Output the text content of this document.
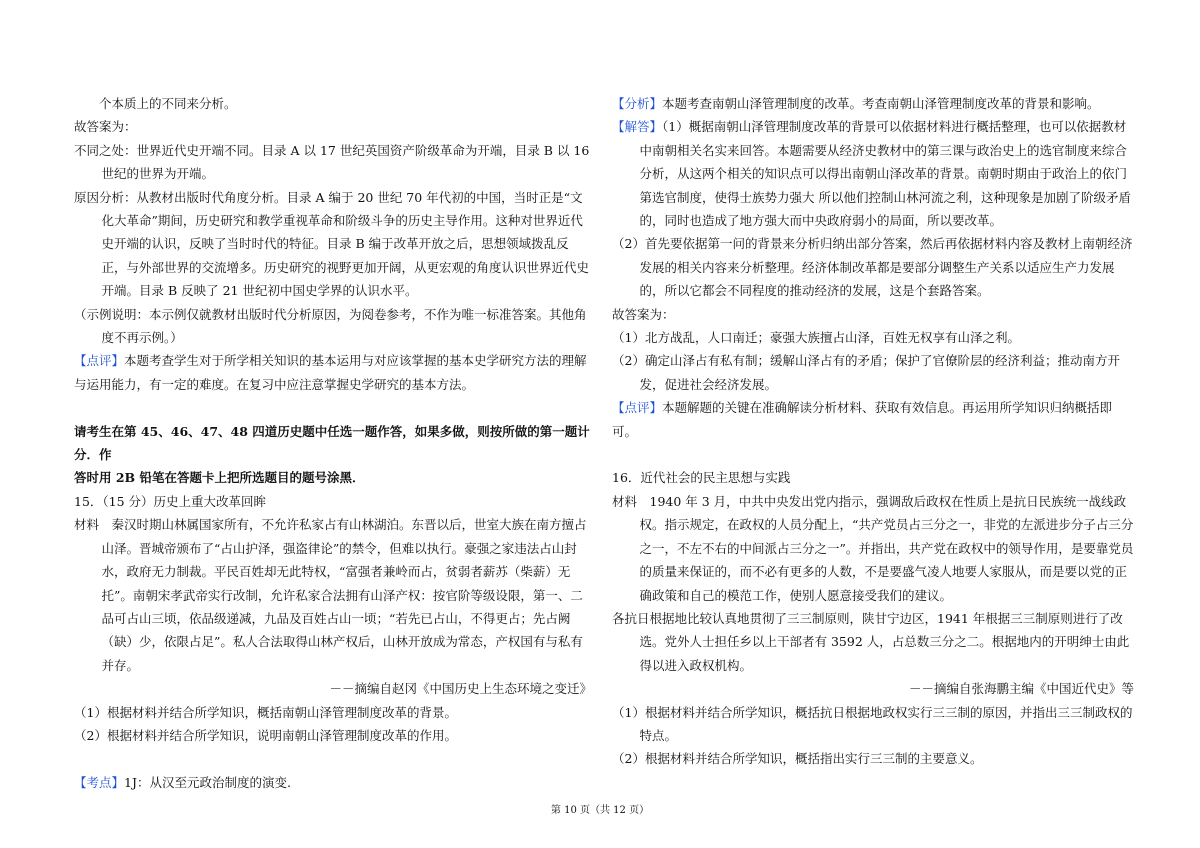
个本质上的不同来分析。

故答案为：

不同之处：世界近代史开端不同。目录 A 以 17 世纪英国资产阶级革命为开端，目录 B 以 16 世纪的世界为开端。

原因分析：从教材出版时代角度分析。目录 A 编于 20 世纪 70 年代初的中国，当时正是“文化大革命”期间，历史研究和教学重视革命和阶级斗争的历史主导作用。这种对世界近代史开端的认识，反映了当时时代的特征。目录 B 编于改革开放之后，思想领域拨乱反正，与外部世界的交流增多。历史研究的视野更加开阔，从更宏观的角度认识世界近代史开端。目录 B 反映了 21 世纪初中国史学界的认识水平。

（示例说明：本示例仅就教材出版时代分析原因，为阅卷参考，不作为唯一标准答案。其他角度不再示例。）

【点评】本题考查学生对于所学相关知识的基本运用与对应该掌握的基本史学研究方法的理解与运用能力，有一定的难度。在复习中应注意掌握史学研究的基本方法。

请考生在第 45、46、47、48 四道历史题中任选一题作答，如果多做，则按所做的第一题计分．作

答时用 2B 铅笔在答题卡上把所选题目的题号涂黑．

15．（15 分）历史上重大改革回眸

材料　秦汉时期山林属国家所有，不允许私家占有山林湖泊。东晋以后，世室大族在南方擅占山泽。晋城帝颁布了“占山护泽，强盗律论”的禁令，但难以执行。豪强之家违法占山封水，政府无力制裁。平民百姓却无此特权，“富强者兼岭而占，贫弱者薪苏（柴薪）无托”。南朝宋孝武帝实行改制，允许私家合法拥有山泽产权：按官阶等级设限，第一、二品可占山三顷，依品级递减，九品及百姓占山一顷；“若先已占山，不得更占；先占阙（缺）少，依限占足”。私人合法取得山林产权后，山林开放成为常态，产权国有与私有并存。

－－摘编自赵冈《中国历史上生态环境之变迁》

（1）根据材料并结合所学知识，概括南朝山泽管理制度改革的背景。

（2）根据材料并结合所学知识，说明南朝山泽管理制度改革的作用。

【考点】1J：从汉至元政治制度的演变.

【分析】本题考查南朝山泽管理制度的改革。考查南朝山泽管理制度改革的背景和影响。

【解答】（1）概据南朝山泽管理制度改革的背景可以依据材料进行概括整理，也可以依据教材中南朝相关名实来回答。本题需要从经济史教材中的第三课与政治史上的选官制度来综合分析，从这两个相关的知识点可以得出南朝山泽改革的背景。南朝时期由于政治上的依门第选官制度，使得士族势力强大 所以他们控制山林河流之利，这种现象是加剧了阶级矛盾的，同时也造成了地方强大而中央政府弱小的局面，所以要改革。

（2）首先要依据第一问的背景来分析归纳出部分答案，然后再依据材料内容及教材上南朝经济发展的相关内容来分析整理。经济体制改革都是要部分调整生产关系以适应生产力发展的，所以它都会不同程度的推动经济的发展，这是个套路答案。

故答案为：

（1）北方战乱，人口南迁；豪强大族擅占山泽，百姓无权享有山泽之利。

（2）确定山泽占有私有制；缓解山泽占有的矛盾；保护了官僚阶层的经济利益；推动南方开发，促进社会经济发展。

【点评】本题解题的关键在准确解读分析材料、获取有效信息。再运用所学知识归纳概括即可。

16．近代社会的民主思想与实践

材料　1940 年 3 月，中共中央发出党内指示，强调敌后政权在性质上是抗日民族统一战线政权。指示规定，在政权的人员分配上，“共产党员占三分之一，非党的左派进步分子占三分之一，不左不右的中间派占三分之一”。并指出，共产党在政权中的领导作用，是要靠党员的质量来保证的，而不必有更多的人数，不是要盛气凌人地要人家服从，而是要以党的正确政策和自己的模范工作，使别人愿意接受我们的建议。

各抗日根据地比较认真地贯彻了三三制原则，陕甘宁边区，1941 年根据三三制原则进行了改选。党外人士担任乡以上干部者有 3592 人，占总数三分之二。根据地内的开明绅士由此得以进入政权机构。

－－摘编自张海鹏主编《中国近代史》等

（1）根据材料并结合所学知识，概括抗日根据地政权实行三三制的原因，并指出三三制政权的特点。

（2）根据材料并结合所学知识，概括指出实行三三制的主要意义。

第 10 页（共 12 页）
